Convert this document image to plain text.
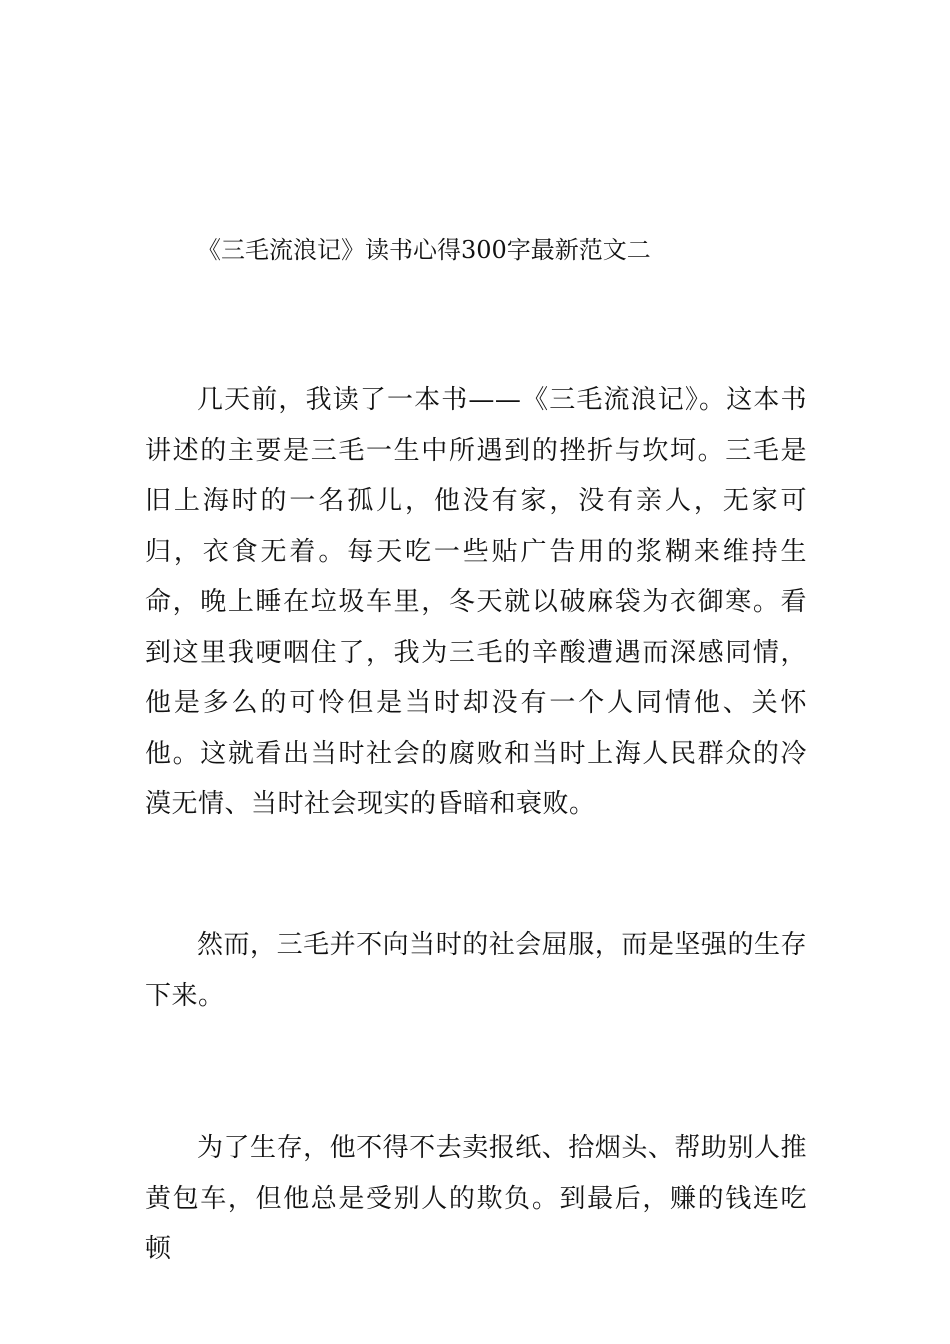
《三毛流浪记》读书心得300字最新范文二

几天前，我读了一本书——《三毛流浪记》。这本书讲述的主要是三毛一生中所遇到的挫折与坎坷。三毛是旧上海时的一名孤儿，他没有家，没有亲人，无家可归，衣食无着。每天吃一些贴广告用的浆糊来维持生命，晚上睡在垃圾车里，冬天就以破麻袋为衣御寒。看到这里我哽咽住了，我为三毛的辛酸遭遇而深感同情，他是多么的可怜但是当时却没有一个人同情他、关怀他。这就看出当时社会的腐败和当时上海人民群众的冷漠无情、当时社会现实的昏暗和衰败。

然而，三毛并不向当时的社会屈服，而是坚强的生存下来。

为了生存，他不得不去卖报纸、拾烟头、帮助别人推黄包车，但他总是受别人的欺负。到最后，赚的钱连吃顿
